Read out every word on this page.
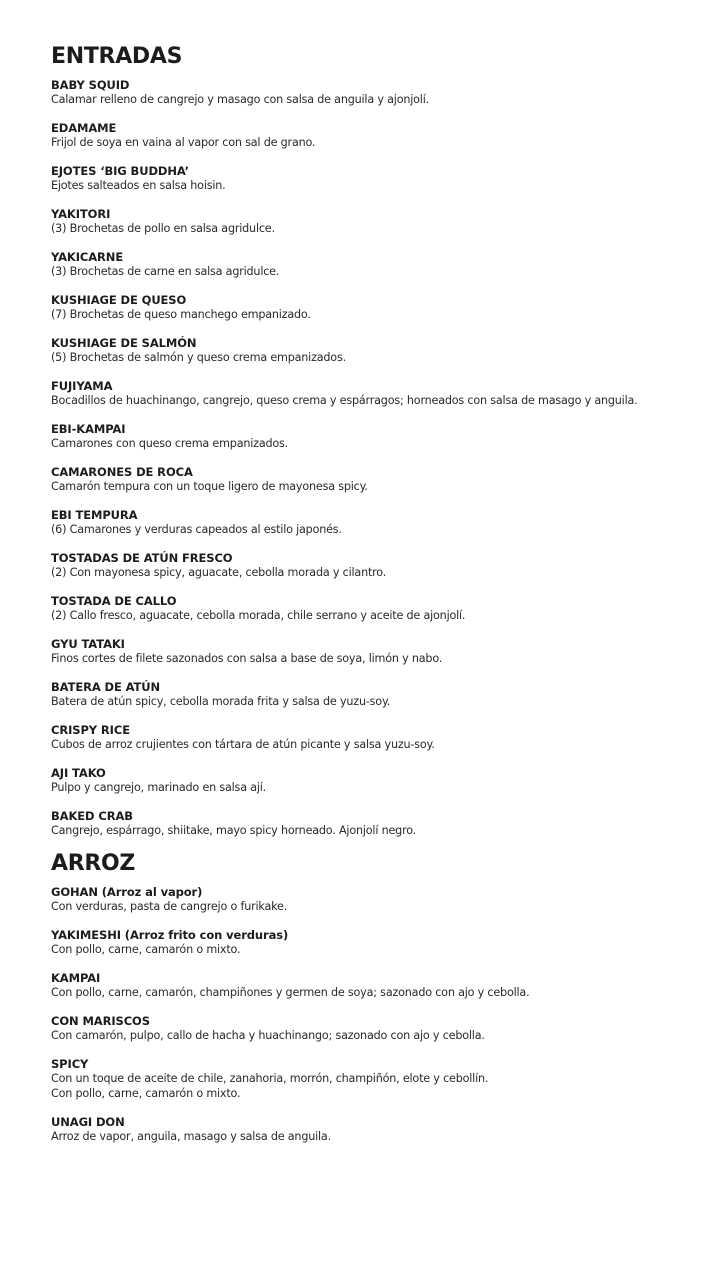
ENTRADAS
BABY SQUID
Calamar relleno de cangrejo y masago con salsa de anguila y ajonjolí.
EDAMAME
Frijol de soya en vaina al vapor con sal de grano.
EJOTES ‘BIG BUDDHA’
Ejotes salteados en salsa hoisin.
YAKITORI
(3) Brochetas de pollo en salsa agridulce.
YAKICARNE
(3) Brochetas de carne en salsa agridulce.
KUSHIAGE DE QUESO
(7) Brochetas de queso manchego empanizado.
KUSHIAGE DE SALMÓN
(5) Brochetas de salmón y queso crema empanizados.
FUJIYAMA
Bocadillos de huachinango, cangrejo, queso crema y espárragos; horneados con salsa de masago y anguila.
EBI-KAMPAI
Camarones con queso crema empanizados.
CAMARONES DE ROCA
Camarón tempura con un toque ligero de mayonesa spicy.
EBI TEMPURA
(6) Camarones y verduras capeados al estilo japonés.
TOSTADAS DE ATÚN FRESCO
(2) Con mayonesa spicy, aguacate, cebolla morada y cilantro.
TOSTADA DE CALLO
(2) Callo fresco, aguacate, cebolla morada, chile serrano y aceite de ajonjolí.
GYU TATAKI
Finos cortes de filete sazonados con salsa a base de soya, limón y nabo.
BATERA DE ATÚN
Batera de atún spicy, cebolla morada frita y salsa de yuzu-soy.
CRISPY RICE
Cubos de arroz crujientes con tártara de atún picante y salsa yuzu-soy.
AJI TAKO
Pulpo y cangrejo, marinado en salsa ají.
BAKED CRAB
Cangrejo, espárrago, shiitake, mayo spicy horneado. Ajonjolí negro.
ARROZ
GOHAN (Arroz al vapor)
Con verduras, pasta de cangrejo o furikake.
YAKIMESHI (Arroz frito con verduras)
Con pollo, carne, camarón o mixto.
KAMPAI
Con pollo, carne, camarón, champiñones y germen de soya; sazonado con ajo y cebolla.
CON MARISCOS
Con camarón, pulpo, callo de hacha y huachinango; sazonado con ajo y cebolla.
SPICY
Con un toque de aceite de chile, zanahoria, morrón, champiñón, elote y cebollín.
Con pollo, carne, camarón o mixto.
UNAGI DON
Arroz de vapor, anguila, masago y salsa de anguila.
